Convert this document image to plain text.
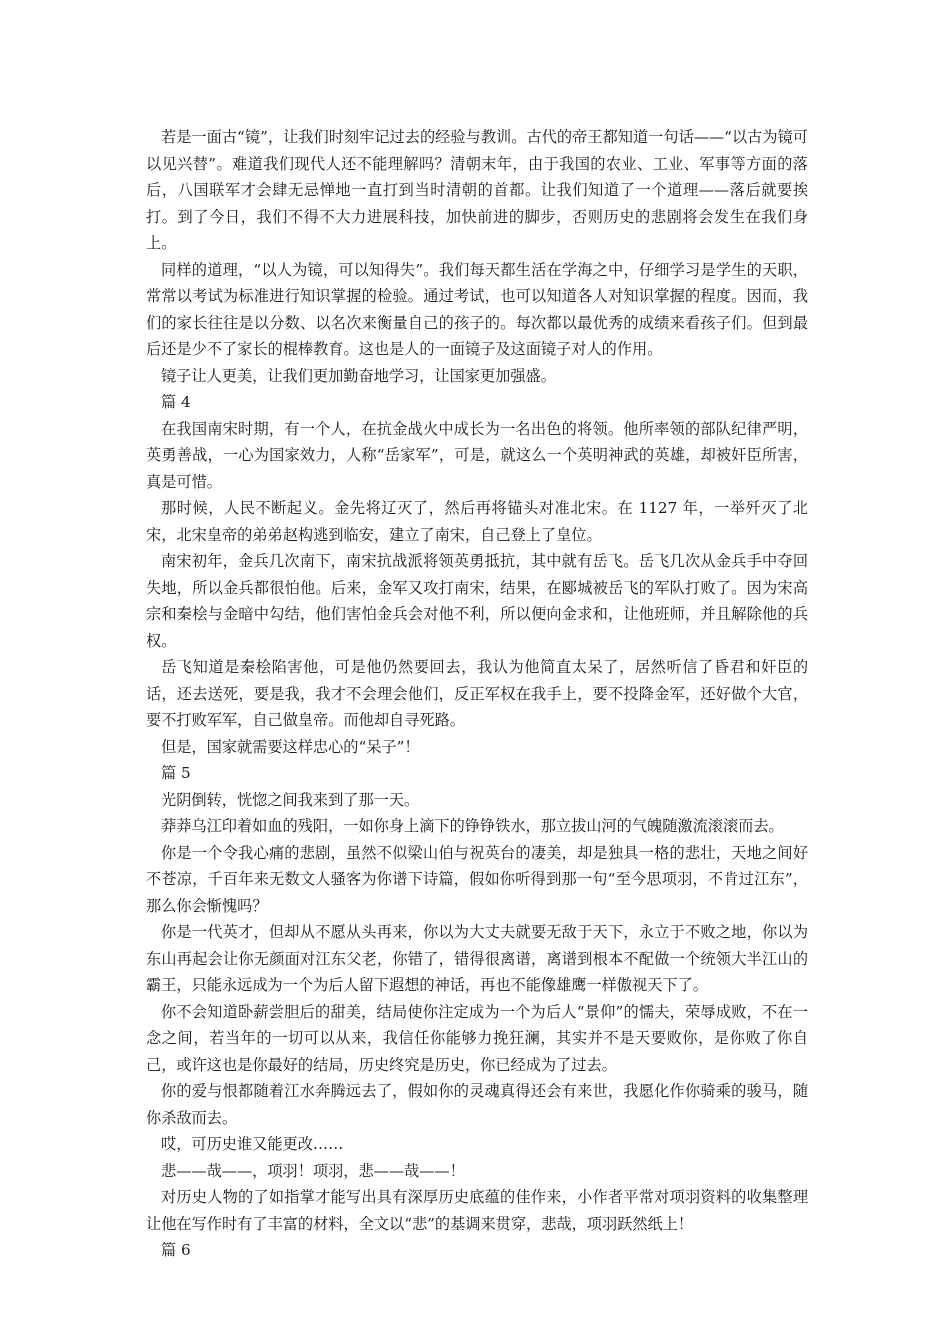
若是一面古“镜”，让我们时刻牢记过去的经验与教训。古代的帝王都知道一句话——“以古为镜可以见兴替”。难道我们现代人还不能理解吗？清朝末年，由于我国的农业、工业、军事等方面的落后，八国联军才会肆无忌惮地一直打到当时清朝的首都。让我们知道了一个道理——落后就要挨打。到了今日，我们不得不大力进展科技，加快前进的脚步，否则历史的悲剧将会发生在我们身上。

同样的道理，“以人为镜，可以知得失”。我们每天都生活在学海之中，仔细学习是学生的天职，常常以考试为标准进行知识掌握的检验。通过考试，也可以知道各人对知识掌握的程度。因而，我们的家长往往是以分数、以名次来衡量自己的孩子的。每次都以最优秀的成绩来看孩子们。但到最后还是少不了家长的棍棒教育。这也是人的一面镜子及这面镜子对人的作用。

镜子让人更美，让我们更加勤奋地学习，让国家更加强盛。

篇 4

在我国南宋时期，有一个人，在抗金战火中成长为一名出色的将领。他所率领的部队纪律严明，英勇善战，一心为国家效力，人称“岳家军”，可是，就这么一个英明神武的英雄，却被奸臣所害，真是可惜。

那时候，人民不断起义。金先将辽灭了，然后再将锚头对准北宋。在 1127 年，一举歼灭了北宋，北宋皇帝的弟弟赵构逃到临安，建立了南宋，自己登上了皇位。

南宋初年，金兵几次南下，南宋抗战派将领英勇抵抗，其中就有岳飞。岳飞几次从金兵手中夺回失地，所以金兵都很怕他。后来，金军又攻打南宋，结果，在郾城被岳飞的军队打败了。因为宋高宗和秦桧与金暗中勾结，他们害怕金兵会对他不利，所以便向金求和，让他班师，并且解除他的兵权。

岳飞知道是秦桧陷害他，可是他仍然要回去，我认为他简直太呆了，居然听信了昏君和奸臣的话，还去送死，要是我，我才不会理会他们，反正军权在我手上，要不投降金军，还好做个大官，要不打败军军，自己做皇帝。而他却自寻死路。

但是，国家就需要这样忠心的“呆子”！

篇 5

光阴倒转，恍惚之间我来到了那一天。

莽莽乌江印着如血的残阳，一如你身上滴下的铮铮铁水，那立拔山河的气魄随激流滚滚而去。

你是一个令我心痛的悲剧，虽然不似梁山伯与祝英台的凄美，却是独具一格的悲壮，天地之间好不苍凉，千百年来无数文人骚客为你谱下诗篇，假如你听得到那一句“至今思项羽，不肯过江东”，那么你会惭愧吗？

你是一代英才，但却从不愿从头再来，你以为大丈夫就要无敌于天下，永立于不败之地，你以为东山再起会让你无颜面对江东父老，你错了，错得很离谱，离谱到根本不配做一个统领大半江山的霸王，只能永远成为一个为后人留下遐想的神话，再也不能像雄鹰一样傲视天下了。

你不会知道卧薪尝胆后的甜美，结局使你注定成为一个为后人“景仰”的懦夫，荣辱成败，不在一念之间，若当年的一切可以从来，我信任你能够力挽狂澜，其实并不是天要败你，是你败了你自己，或许这也是你最好的结局，历史终究是历史，你已经成为了过去。

你的爱与恨都随着江水奔腾远去了，假如你的灵魂真得还会有来世，我愿化作你骑乘的骏马，随你杀敌而去。

哎，可历史谁又能更改……

悲——哉——，项羽！项羽，悲——哉——！

对历史人物的了如指掌才能写出具有深厚历史底蕴的佳作来，小作者平常对项羽资料的收集整理让他在写作时有了丰富的材料，全文以“悲”的基调来贯穿，悲哉，项羽跃然纸上！

篇 6
